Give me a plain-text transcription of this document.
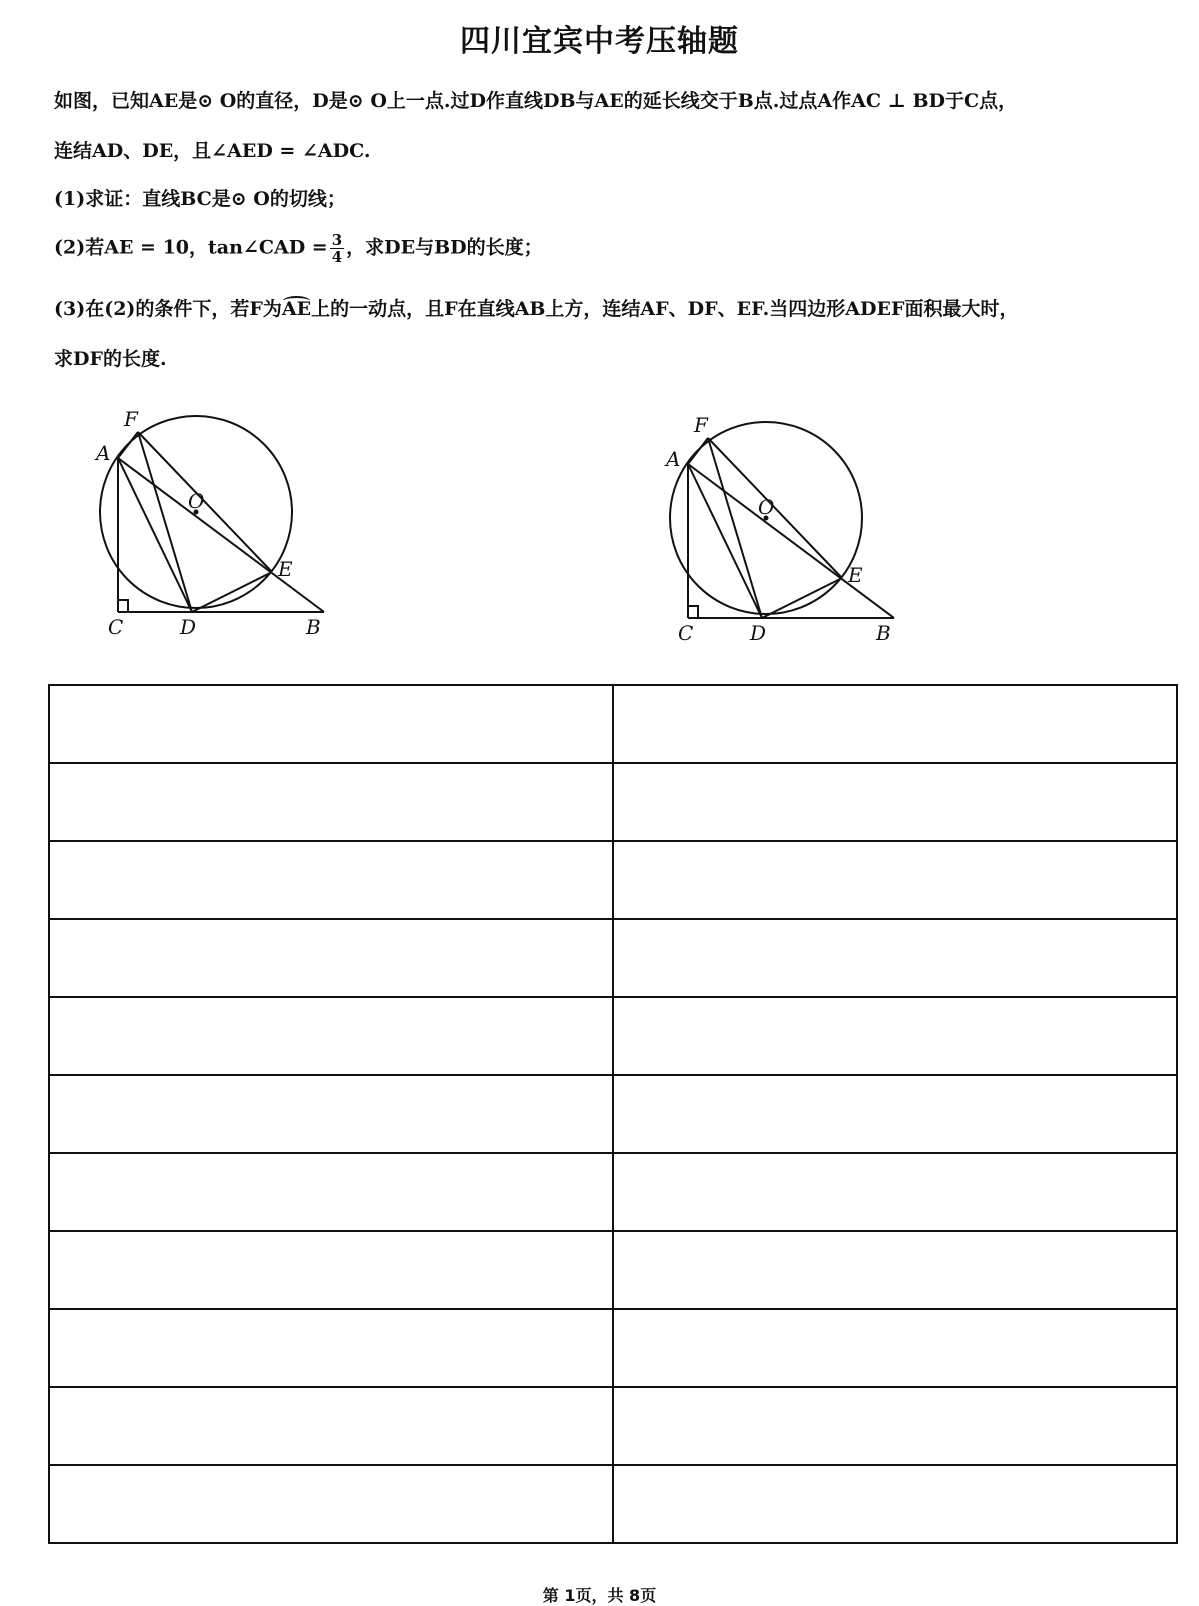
四川宜宾中考压轴题
如图，已知AE是⊙ O的直径，D是⊙ O上一点.过D作直线DB与AE的延长线交于B点.过点A作AC ⊥ BD于C点，
连结AD、DE，且∠AED = ∠ADC.
(1)求证：直线BC是⊙ O的切线；
(2)若AE = 10，tan∠CAD = $\frac{3}{4}$ ，求DE与BD的长度；
(3)在(2)的条件下，若F为AE上的一动点，且F在直线AB上方，连结AF、DF、EF.当四边形ADEF面积最大时，
求DF的长度.
F
A
O
E
C	D	B
F
A
O
E
C	D	B
第 1页，共 8页
